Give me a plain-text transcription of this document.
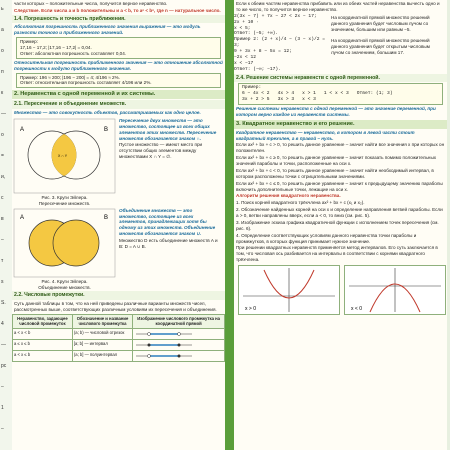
ь
а
о
п
к
—
о
=
и,
с
в
–
т
s
S.
4
—
рс
–
1
–

части которых – положительные числа, получится верное неравенство.

Следствие. Если числа a и b положительны и a < b, то aⁿ < bⁿ, где n — натуральное число.

1.4. Погрешность и точность приближения.

Абсолютная погрешность приближенного значения выражения — это модуль разности точного и приближенного значений.

Пример:
17,16 − 17,2; |17,16 − 17,2| = 0,04.
Ответ: абсолютная погрешность составляет 0,04.

Относительная погрешность приближенного значения — это отношение абсолютной погрешности к модулю приближенного значения.

Пример: 196 ≈ 200; |196 − 200| = 4; 4/196 ≈ 2%.
Ответ: относительная погрешность составляет 4/196 или 2%.
2. Неравенства с одной переменной и их системы.
2.1. Пересечение и объединение множеств.

Множество — это совокупность объектов, рассматриваемых как одно целое.

A	B
X ∩ Y
Рис. 3. Круги Эйлера.
Пересечение множеств.

Пересечение двух множеств — это множество, состоящее из всех общих элементов этих множеств. Пересечение множеств обозначается знаком ∩.

Пустое множество — имеют место при отсутствии общих элементов между множествами X ∩ Y = ∅.

A	B
Рис. 4. Круги Эйлера.
Объединение множеств.

Объединение множеств — это множество, состоящее из всех элементов, принадлежащих хотя бы одному из этих множеств. Объединение множеств обозначается знаком ∪.

Множество D есть объединение множеств A и B: D = A ∪ B.

2.2. Числовые промежутки.

Суть данной таблицы в том, что на ней приведены различные варианты множеств чисел, рассмотренных выше, соответствующих различным условиям их пересечения и объединения.

Неравенство, задающее числовой промежуток	Обозначение и название числового промежутка	Изображение числового промежутка на координатной прямой
a < x < b	(a; b) — числовой отрезок	

a ≤ x ≤ b	[a; b] — интервал	

a < x ≤ b	(a; b] — полуинтервал	

Если к обеим частям неравенства прибавить или из обеих частей неравенства вычесть одно и то же число, то получится верное неравенство.

2(3x − 7) + 7x − 27 < 2x − 17;
2x + 10 ·
x < 5;
Ответ: (−5; +∞).

На координатной прямой множество решений данного уравнения будет числовым лучом со значением, большим или равным −5.

Пример 2: (2 + x)/4 − (3 − x)/2 = 3;
9 + 3x + 8 − 5x = 12;
−2x < 12
x < −17
Ответ: (−∞; −17).

На координатной прямой множество решений данного уравнения будет открытым числовым лучом со значением, большим 17.

2.4. Решение системы неравенств с одной переменной.
Пример:
6 − 4x < 2
3x + 2 > 5
4x > 4
3x > 3
x > 1
x < 3
1 < x < 3 Ответ: (1; 3)

Решение системы неравенств с одной переменной — это значение переменной, при котором верно каждое из неравенств системы.

3. Квадратное неравенство и его решение.

Квадратное неравенство — неравенство, в котором в левой части стоит квадратный трехчлен, а в правой – нуль.

Если ax² + bx + c > 0, то решить данное уравнение – значит найти все значения x при которых он положителен.

Если ax² + bx + c ≥ 0, то решить данное уравнение – значит показать помимо положительных значений параболы и точки, расположенные на оси x.

Если ax² + bx + c < 0, то решить данное уравнение – значит найти необходимый интервал, в котором расположены точки с отрицательными значениями.

Если ax² + bx + c ≤ 0, то решить данное уравнение – значит к предыдущему значению параболы включить дополнительные точки, лежащие на оси x.

Алгоритм решения квадратного неравенства.

1. Поиск корней квадратного трёхчлена ax² + bx + c (x₁ и x₂).

2. Обозначение найденных корней на оси x и определение направления ветвей параболы. Если a > 0, ветви направлены вверх, если a < 0, то вниз (см. рис. 5).

3. Изображение эскиза графика квадратичной функции с исполнением точек пересечения (см. рис. 6).

4. Определение соответствующих условиям данного неравенства точки параболы и промежутков, в которых функция принимает нужное значение.

При решении квадратных неравенств применяется метод интервалов. Его суть заключается в том, что числовая ось разбивается на интервалы в соответствии с корнями квадратного трёхчлена.

x > 0	x < 0
